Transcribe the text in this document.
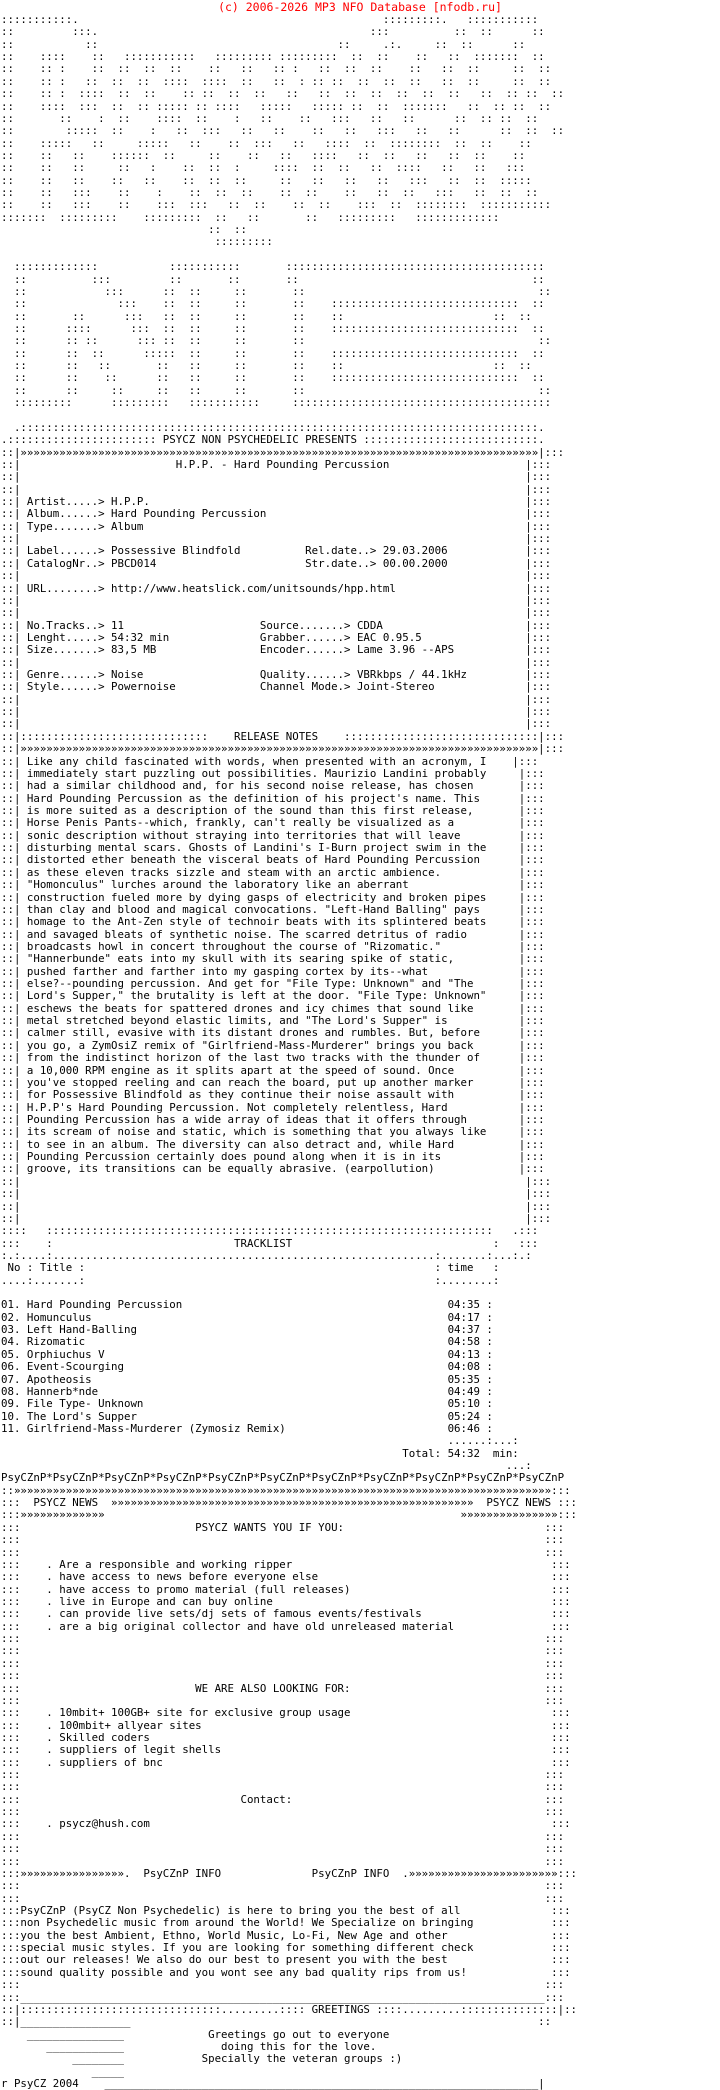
(c) 2006-2026 MP3 NFO Database [nfodb.ru]
:::::::::::.                                               :::::::::.   :::::::::::
::         :::.                                          :::          ::  ::      ::
::           ::                                     ::     .:.     ::  ::      ::
::    ::::    ::   :::::::::::   ::::::::: :::::::::  ::  ::    ::   ::  :::::::  ::
::    :: :    ::  ::  ::  ::    ::   ::   :: :   ::  ::  ::    ::   ::  ::     ::  ::
::    :: :   ::  ::  ::  ::::  ::::  ::   ::  : :: ::  ::  ::  ::   ::  ::     ::  ::
::    :: :  ::::  ::  ::    :: ::  ::  ::   ::   ::  ::  ::  ::  ::  ::   ::  :: ::  ::
::    ::::  :::  ::  :: ::::: :: ::::   :::::   ::::: ::  ::  :::::::   ::  :: ::  ::
::       ::    :  ::    ::::  ::    :   ::    ::   :::   ::   ::      ::  :: ::  ::
::        :::::  ::    :   ::  :::   ::   ::    ::   ::   :::   ::   ::      ::  ::  ::
::    :::::   ::     :::::   ::    ::  :::   ::   ::::  ::  ::::::::  ::  ::    ::
::    ::   ::    ::::::  ::     ::    ::   ::   ::::   ::  ::   ::   ::  ::    ::
::    ::   ::     ::   :    ::  ::  :     ::::  ::  ::   ::  ::::   ::   ::   :::
::    ::   ::    ::   ::    ::  ::  ::     ::   ::   ::   ::   :::   ::  ::  :::::
::    ::   :::    ::    :    ::  ::  ::    ::  ::    ::   ::  ::   :::   ::  ::  ::
::    ::   :::    ::    :::  :::   ::  ::    ::  ::    :::  ::  ::::::::  :::::::::::
:::::::  :::::::::    :::::::::  ::   ::       ::   :::::::::   :::::::::::::
::  ::
:::::::::

:::::::::::::           :::::::::::       ::::::::::::::::::::::::::::::::::::::::
::          :::         ::       ::       ::                                    ::
::            :::      ::  ::     ::       ::                                    ::
::              :::    ::  ::     ::       ::    :::::::::::::::::::::::::::::  ::
::       ::      :::   ::  ::     ::       ::    ::                       ::  ::
::      ::::      :::  ::  ::     ::       ::    :::::::::::::::::::::::::::::  ::
::      :: ::      ::: ::  ::     ::       ::                                    ::
::      ::  ::      :::::  ::     ::       ::    :::::::::::::::::::::::::::::  ::
::      ::   ::       ::   ::     ::       ::    ::                       ::  ::
::      ::    ::      ::   ::     ::       ::    :::::::::::::::::::::::::::::  ::
::      ::     ::     ::   ::     ::       ::                                    ::
:::::::::      :::::::::   :::::::::::     ::::::::::::::::::::::::::::::::::::::::

.::::::::::::::::::::::::::::::::::::::::::::::::::::::::::::::::::::::::::::::::.
.::::::::::::::::::::::: PSYCZ NON PSYCHEDELIC PRESENTS :::::::::::::::::::::::::::.
::|»»»»»»»»»»»»»»»»»»»»»»»»»»»»»»»»»»»»»»»»»»»»»»»»»»»»»»»»»»»»»»»»»»»»»»»»»»»»»»»»|:::
::|                        H.P.P. - Hard Pounding Percussion                     |:::
::|                                                                              |:::
::|                                                                              |:::
::| Artist.....> H.P.P.                                                          |:::
::| Album......> Hard Pounding Percussion                                        |:::
::| Type.......> Album                                                           |:::
::|                                                                              |:::
::| Label......> Possessive Blindfold          Rel.date..> 29.03.2006            |:::
::| CatalogNr..> PBCD014                       Str.date..> 00.00.2000            |:::
::|                                                                              |:::
::| URL........> http://www.heatslick.com/unitsounds/hpp.html                    |:::
::|                                                                              |:::
::|                                                                              |:::
::| No.Tracks..> 11                     Source.......> CDDA                      |:::
::| Lenght.....> 54:32 min              Grabber......> EAC 0.95.5                |:::
::| Size.......> 83,5 MB                Encoder......> Lame 3.96 --APS           |:::
::|                                                                              |:::
::| Genre......> Noise                  Quality......> VBRkbps / 44.1kHz         |:::
::| Style......> Powernoise             Channel Mode.> Joint-Stereo              |:::
::|                                                                              |:::
::|                                                                              |:::
::|                                                                              |:::
::|:::::::::::::::::::::::::::::    RELEASE NOTES    ::::::::::::::::::::::::::::::|:::
::|»»»»»»»»»»»»»»»»»»»»»»»»»»»»»»»»»»»»»»»»»»»»»»»»»»»»»»»»»»»»»»»»»»»»»»»»»»»»»»»»|:::
::| Like any child fascinated with words, when presented with an acronym, I    |:::
::| immediately start puzzling out possibilities. Maurizio Landini probably     |:::
::| had a similar childhood and, for his second noise release, has chosen       |:::
::| Hard Pounding Percussion as the definition of his project's name. This      |:::
::| is more suited as a description of the sound than this first release,       |:::
::| Horse Penis Pants--which, frankly, can't really be visualized as a          |:::
::| sonic description without straying into territories that will leave         |:::
::| disturbing mental scars. Ghosts of Landini's I-Burn project swim in the     |:::
::| distorted ether beneath the visceral beats of Hard Pounding Percussion      |:::
::| as these eleven tracks sizzle and steam with an arctic ambience.            |:::
::| "Homonculus" lurches around the laboratory like an aberrant                 |:::
::| construction fueled more by dying gasps of electricity and broken pipes     |:::
::| than clay and blood and magical convocations. "Left-Hand Balling" pays      |:::
::| homage to the Ant-Zen style of technoir beats with its splintered beats     |:::
::| and savaged bleats of synthetic noise. The scarred detritus of radio        |:::
::| broadcasts howl in concert throughout the course of "Rizomatic."            |:::
::| "Hannerbunde" eats into my skull with its searing spike of static,          |:::
::| pushed farther and farther into my gasping cortex by its--what              |:::
::| else?--pounding percussion. And get for "File Type: Unknown" and "The       |:::
::| Lord's Supper," the brutality is left at the door. "File Type: Unknown"     |:::
::| eschews the beats for spattered drones and icy chimes that sound like       |:::
::| metal stretched beyond elastic limits, and "The Lord's Supper" is           |:::
::| calmer still, evasive with its distant drones and rumbles. But, before      |:::
::| you go, a ZymOsiZ remix of "Girlfriend-Mass-Murderer" brings you back       |:::
::| from the indistinct horizon of the last two tracks with the thunder of      |:::
::| a 10,000 RPM engine as it splits apart at the speed of sound. Once          |:::
::| you've stopped reeling and can reach the board, put up another marker       |:::
::| for Possessive Blindfold as they continue their noise assault with          |:::
::| H.P.P's Hard Pounding Percussion. Not completely relentless, Hard           |:::
::| Pounding Percussion has a wide array of ideas that it offers through        |:::
::| its scream of noise and static, which is something that you always like     |:::
::| to see in an album. The diversity can also detract and, while Hard          |:::
::| Pounding Percussion certainly does pound along when it is in its            |:::
::| groove, its transitions can be equally abrasive. (earpollution)             |:::
::|                                                                              |:::
::|                                                                              |:::
::|                                                                              |:::
::|                                                                              |:::
::::   :::::::::::::::::::::::::::::::::::::::::::::::::::::::::::::::::::::   .:::
:::    :                            TRACKLIST                               :   :::
:.:....:...........................................................:.......:...:.:
No : Title :                                                      : time   :
....:.......:                                                      :........:

01. Hard Pounding Percussion                                         04:35 :
02. Homunculus                                                       04:17 :
03. Left Hand-Balling                                                04:37 :
04. Rizomatic                                                        04:58 :
05. Orphiuchus V                                                     04:13 :
06. Event-Scourging                                                  04:08 :
07. Apotheosis                                                       05:35 :
08. Hannerb*nde                                                      04:49 :
09. File Type- Unknown                                               05:10 :
10. The Lord's Supper                                                05:24 :
11. Girlfriend-Mass-Murderer (Zymosiz Remix)                         06:46 :
......:...:
Total: 54:32  min:
...:
PsyCZnP*PsyCZnP*PsyCZnP*PsyCZnP*PsyCZnP*PsyCZnP*PsyCZnP*PsyCZnP*PsyCZnP*PsyCZnP*PsyCZnP
::»»»»»»»»»»»»»»»»»»»»»»»»»»»»»»»»»»»»»»»»»»»»»»»»»»»»»»»»»»»»»»»»»»»»»»»»»»»»»»»»»»»:::
:::  PSYCZ NEWS  »»»»»»»»»»»»»»»»»»»»»»»»»»»»»»»»»»»»»»»»»»»»»»»»»»»»»»»»  PSYCZ NEWS :::
:::»»»»»»»»»»»»»                                                       »»»»»»»»»»»»»»»:::
:::                           PSYCZ WANTS YOU IF YOU:                               :::
:::                                                                                 :::
:::                                                                                 :::
:::    . Are a responsible and working ripper                                        :::
:::    . have access to news before everyone else                                    :::
:::    . have access to promo material (full releases)                               :::
:::    . live in Europe and can buy online                                           :::
:::    . can provide live sets/dj sets of famous events/festivals                    :::
:::    . are a big original collector and have old unreleased material               :::
:::                                                                                 :::
:::                                                                                 :::
:::                                                                                 :::
:::                                                                                 :::
:::                           WE ARE ALSO LOOKING FOR:                              :::
:::                                                                                 :::
:::    . 10mbit+ 100GB+ site for exclusive group usage                               :::
:::    . 100mbit+ allyear sites                                                      :::
:::    . Skilled coders                                                              :::
:::    . suppliers of legit shells                                                   :::
:::    . suppliers of bnc                                                            :::
:::                                                                                 :::
:::                                                                                 :::
:::                                  Contact:                                       :::
:::                                                                                 :::
:::    . psycz@hush.com                                                              :::
:::                                                                                 :::
:::                                                                                 :::
:::                                                                                 :::
:::»»»»»»»»»»»»»»»».  PsyCZnP INFO              PsyCZnP INFO  .»»»»»»»»»»»»»»»»»»»»»»»:::
:::                                                                                 :::
:::                                                                                 :::
:::PsyCZnP (PsyCZ Non Psychedelic) is here to bring you the best of all              :::
:::non Psychedelic music from around the World! We Specialize on bringing            :::
:::you the best Ambient, Ethno, World Music, Lo-Fi, New Age and other                :::
:::special music styles. If you are looking for something different check            :::
:::out our releases! We also do our best to present you with the best                :::
:::sound quality possible and you wont see any bad quality rips from us!             :::
:::                                                                                 :::
:::_________________________________________________________________________________:::
::|:::::::::::::::::::::::::::::::.........:::: GREETINGS ::::.........:::::::::::::::|::
::|_________________                                                               ::
_______________             Greetings go out to everyone
____________               doing this for the love.
________            Specially the veteran groups :)
_____
r PsyCZ 2004    ___________________________________________________________________|
